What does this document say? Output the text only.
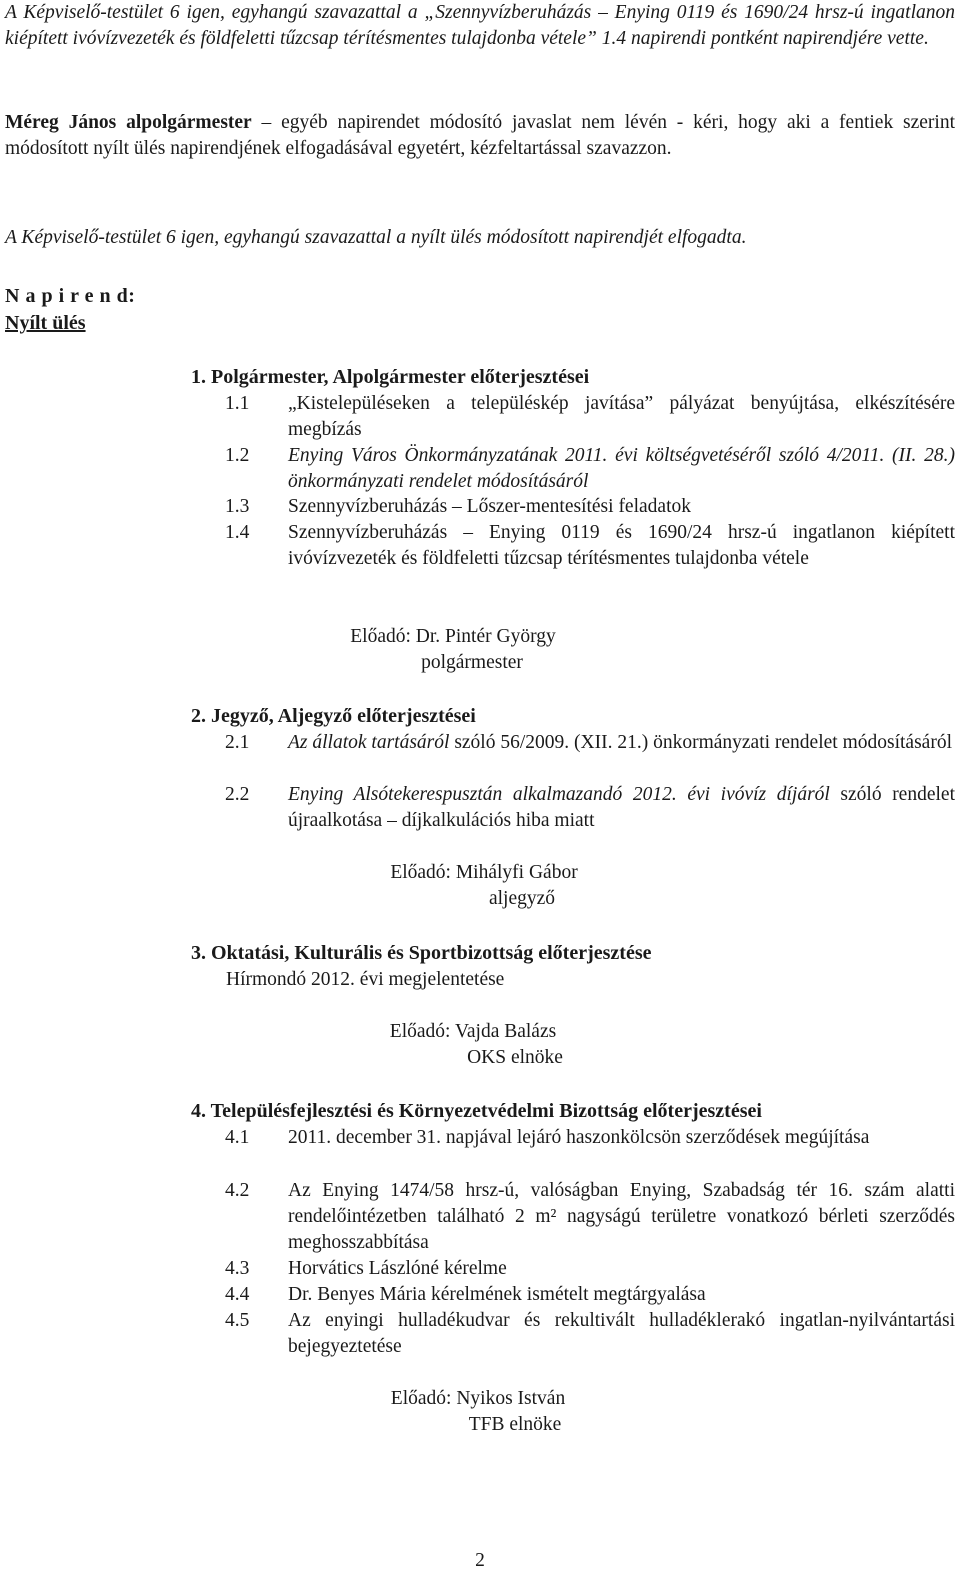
A Képviselő-testület 6 igen, egyhangú szavazattal a „Szennyvízberuházás – Enying 0119 és 1690/24 hrsz-ú ingatlanon kiépített ivóvízvezeték és földfeletti tűzcsap térítésmentes tulajdonba vétele” 1.4 napirendi pontként napirendjére vette.

Méreg János alpolgármester – egyéb napirendet módosító javaslat nem lévén - kéri, hogy aki a fentiek szerint módosított nyílt ülés napirendjének elfogadásával egyetért, kézfeltartással szavazzon.

A Képviselő-testület 6 igen, egyhangú szavazattal a nyílt ülés módosított napirendjét elfogadta.

N a p i r e n d:
Nyílt ülés
1. Polgármester, Alpolgármester előterjesztései
1.1	„Kistelepüléseken a településkép javítása” pályázat benyújtása, elkészítésére megbízás
1.2	Enying Város Önkormányzatának 2011. évi költségvetéséről szóló 4/2011. (II. 28.) önkormányzati rendelet módosításáról
1.3	Szennyvízberuházás – Lőszer-mentesítési feladatok
1.4	Szennyvízberuházás – Enying 0119 és 1690/24 hrsz-ú ingatlanon kiépített ivóvízvezeték és földfeletti tűzcsap térítésmentes tulajdonba vétele
Előadó: Dr. Pintér György
polgármester
2. Jegyző, Aljegyző előterjesztései
2.1	Az állatok tartásáról szóló 56/2009. (XII. 21.) önkormányzati rendelet módosításáról
2.2	Enying Alsótekerespusztán alkalmazandó 2012. évi ivóvíz díjáról szóló rendelet újraalkotása – díjkalkulációs hiba miatt
Előadó: Mihályfi Gábor
aljegyző
3. Oktatási, Kulturális és Sportbizottság előterjesztése
Hírmondó 2012. évi megjelentetése
Előadó: Vajda Balázs
OKS elnöke
4. Településfejlesztési és Környezetvédelmi Bizottság előterjesztései
4.1	2011. december 31. napjával lejáró haszonkölcsön szerződések megújítása
4.2	Az Enying 1474/58 hrsz-ú, valóságban Enying, Szabadság tér 16. szám alatti rendelőintézetben található 2 m² nagyságú területre vonatkozó bérleti szerződés meghosszabbítása
4.3	Horvátics Lászlóné kérelme
4.4	Dr. Benyes Mária kérelmének ismételt megtárgyalása
4.5	Az enyingi hulladékudvar és rekultivált hulladéklerakó ingatlan-nyilvántartási bejegyeztetése
Előadó: Nyikos István
TFB elnöke
2
